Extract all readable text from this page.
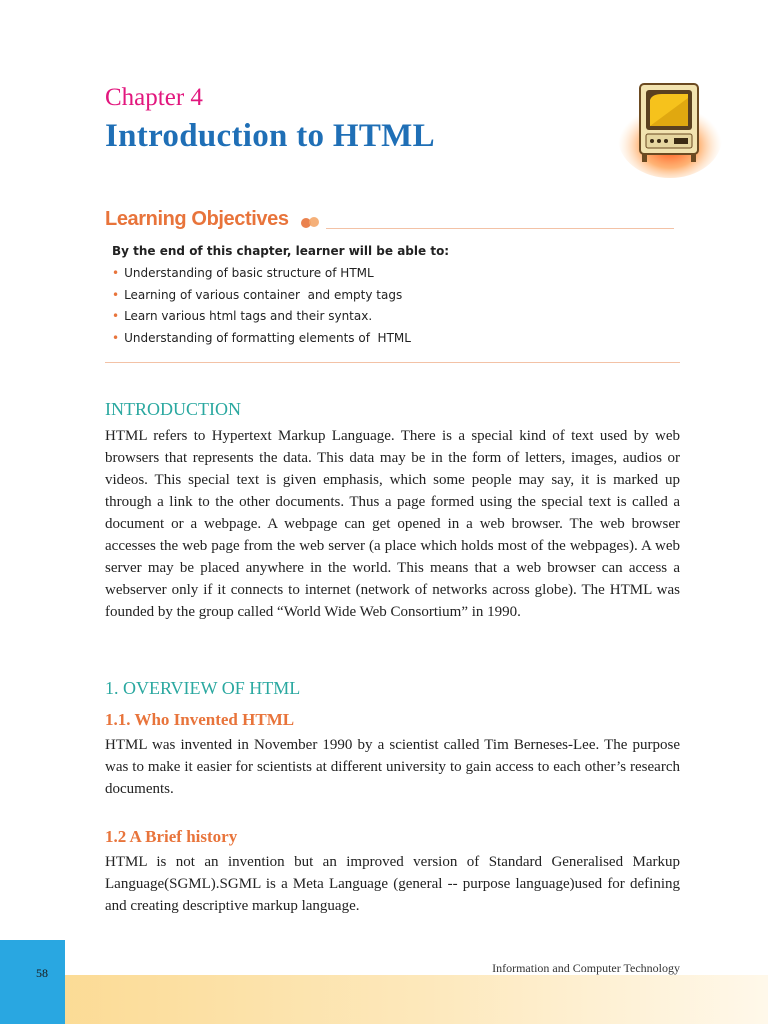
Chapter 4
Introduction to HTML
Learning Objectives
By the end of this chapter, learner will be able to:
• Understanding of basic structure of HTML
• Learning of various container  and empty tags
• Learn various html tags and their syntax.
• Understanding of formatting elements of  HTML
INTRODUCTION

HTML refers to Hypertext Markup Language. There is a special kind of text used by web browsers that represents the data. This data may be in the form of letters, images, audios or videos. This special text is given emphasis, which some people may say, it is marked up through a link to the other documents. Thus a page formed using the special text is called a document or a webpage. A webpage can get opened in a web browser. The web browser accesses the web page from the web server (a place which holds most of the webpages). A web server may be placed anywhere in the world. This means that a web browser can access a webserver only if it connects to internet (network of networks across globe). The HTML was founded by the group called “World Wide Web Consortium” in 1990.

1. OVERVIEW OF HTML
1.1. Who Invented HTML

HTML was invented in November 1990 by a scientist called Tim Berneses-Lee. The purpose was to make it easier for scientists at different university to gain access to each other’s research documents.

1.2 A Brief history

HTML is not an invention but an improved version of Standard Generalised Markup Language(SGML).SGML is a Meta Language (general -- purpose language)used for defining and creating descriptive markup language.

Information and Computer Technology
58
